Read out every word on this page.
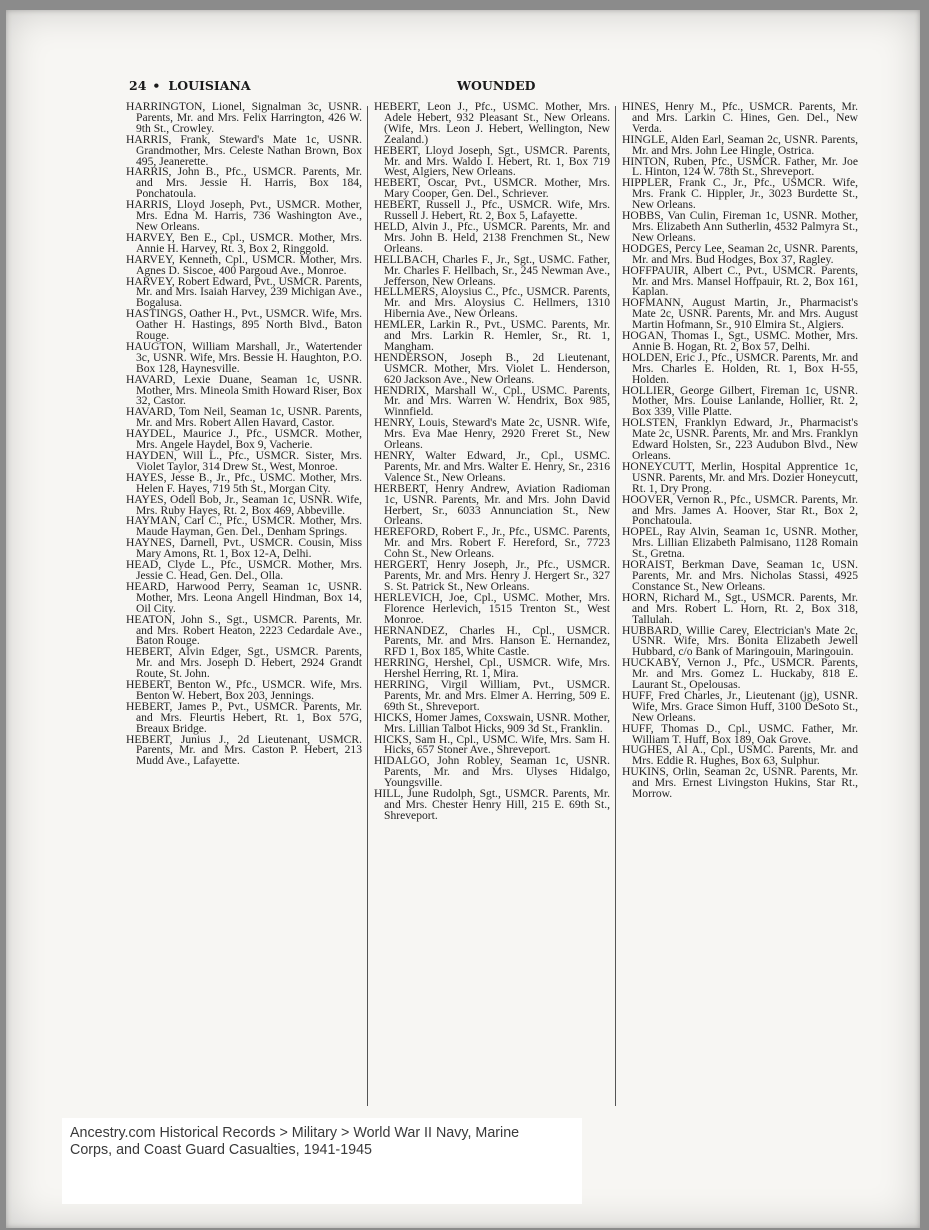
24 • LOUISIANA	WOUNDED

HARRINGTON, Lionel, Signalman 3c, USNR. Parents, Mr. and Mrs. Felix Harrington, 426 W. 9th St., Crowley.

HARRIS, Frank, Steward's Mate 1c, USNR. Grandmother, Mrs. Celeste Nathan Brown, Box 495, Jeanerette.

HARRIS, John B., Pfc., USMCR. Parents, Mr. and Mrs. Jessie H. Harris, Box 184, Ponchatoula.

HARRIS, Lloyd Joseph, Pvt., USMCR. Mother, Mrs. Edna M. Harris, 736 Washington Ave., New Orleans.

HARVEY, Ben E., Cpl., USMCR. Mother, Mrs. Annie H. Harvey, Rt. 3, Box 2, Ringgold.

HARVEY, Kenneth, Cpl., USMCR. Mother, Mrs. Agnes D. Siscoe, 400 Pargoud Ave., Monroe.

HARVEY, Robert Edward, Pvt., USMCR. Parents, Mr. and Mrs. Isaiah Harvey, 239 Michigan Ave., Bogalusa.

HASTINGS, Oather H., Pvt., USMCR. Wife, Mrs. Oather H. Hastings, 895 North Blvd., Baton Rouge.

HAUGTON, William Marshall, Jr., Watertender 3c, USNR. Wife, Mrs. Bessie H. Haughton, P.O. Box 128, Haynesville.

HAVARD, Lexie Duane, Seaman 1c, USNR. Mother, Mrs. Mineola Smith Howard Riser, Box 32, Castor.

HAVARD, Tom Neil, Seaman 1c, USNR. Parents, Mr. and Mrs. Robert Allen Havard, Castor.

HAYDEL, Maurice J., Pfc., USMCR. Mother, Mrs. Angele Haydel, Box 9, Vacherie.

HAYDEN, Will L., Pfc., USMCR. Sister, Mrs. Violet Taylor, 314 Drew St., West, Monroe.

HAYES, Jesse B., Jr., Pfc., USMC. Mother, Mrs. Helen F. Hayes, 719 5th St., Morgan City.

HAYES, Odell Bob, Jr., Seaman 1c, USNR. Wife, Mrs. Ruby Hayes, Rt. 2, Box 469, Abbeville.

HAYMAN, Carl C., Pfc., USMCR. Mother, Mrs. Maude Hayman, Gen. Del., Denham Springs.

HAYNES, Darnell, Pvt., USMCR. Cousin, Miss Mary Amons, Rt. 1, Box 12-A, Delhi.

HEAD, Clyde L., Pfc., USMCR. Mother, Mrs. Jessie C. Head, Gen. Del., Olla.

HEARD, Harwood Perry, Seaman 1c, USNR. Mother, Mrs. Leona Angell Hindman, Box 14, Oil City.

HEATON, John S., Sgt., USMCR. Parents, Mr. and Mrs. Robert Heaton, 2223 Cedardale Ave., Baton Rouge.

HEBERT, Alvin Edger, Sgt., USMCR. Parents, Mr. and Mrs. Joseph D. Hebert, 2924 Grandt Route, St. John.

HEBERT, Benton W., Pfc., USMCR. Wife, Mrs. Benton W. Hebert, Box 203, Jennings.

HEBERT, James P., Pvt., USMCR. Parents, Mr. and Mrs. Fleurtis Hebert, Rt. 1, Box 57G, Breaux Bridge.

HEBERT, Junius J., 2d Lieutenant, USMCR. Parents, Mr. and Mrs. Caston P. Hebert, 213 Mudd Ave., Lafayette.

HEBERT, Leon J., Pfc., USMC. Mother, Mrs. Adele Hebert, 932 Pleasant St., New Orleans. (Wife, Mrs. Leon J. Hebert, Wellington, New Zealand.)

HEBERT, Lloyd Joseph, Sgt., USMCR. Parents, Mr. and Mrs. Waldo I. Hebert, Rt. 1, Box 719 West, Algiers, New Orleans.

HEBERT, Oscar, Pvt., USMCR. Mother, Mrs. Mary Cooper, Gen. Del., Schriever.

HEBERT, Russell J., Pfc., USMCR. Wife, Mrs. Russell J. Hebert, Rt. 2, Box 5, Lafayette.

HELD, Alvin J., Pfc., USMCR. Parents, Mr. and Mrs. John B. Held, 2138 Frenchmen St., New Orleans.

HELLBACH, Charles F., Jr., Sgt., USMC. Father, Mr. Charles F. Hellbach, Sr., 245 Newman Ave., Jefferson, New Orleans.

HELLMERS, Aloysius C., Pfc., USMCR. Parents, Mr. and Mrs. Aloysius C. Hellmers, 1310 Hibernia Ave., New Orleans.

HEMLER, Larkin R., Pvt., USMC. Parents, Mr. and Mrs. Larkin R. Hemler, Sr., Rt. 1, Mangham.

HENDERSON, Joseph B., 2d Lieutenant, USMCR. Mother, Mrs. Violet L. Henderson, 620 Jackson Ave., New Orleans.

HENDRIX, Marshall W., Cpl., USMC. Parents, Mr. and Mrs. Warren W. Hendrix, Box 985, Winnfield.

HENRY, Louis, Steward's Mate 2c, USNR. Wife, Mrs. Eva Mae Henry, 2920 Freret St., New Orleans.

HENRY, Walter Edward, Jr., Cpl., USMC. Parents, Mr. and Mrs. Walter E. Henry, Sr., 2316 Valence St., New Orleans.

HERBERT, Henry Andrew, Aviation Radioman 1c, USNR. Parents, Mr. and Mrs. John David Herbert, Sr., 6033 Annunciation St., New Orleans.

HEREFORD, Robert F., Jr., Pfc., USMC. Parents, Mr. and Mrs. Robert F. Hereford, Sr., 7723 Cohn St., New Orleans.

HERGERT, Henry Joseph, Jr., Pfc., USMCR. Parents, Mr. and Mrs. Henry J. Hergert Sr., 327 S. St. Patrick St., New Orleans.

HERLEVICH, Joe, Cpl., USMC. Mother, Mrs. Florence Herlevich, 1515 Trenton St., West Monroe.

HERNANDEZ, Charles H., Cpl., USMCR. Parents, Mr. and Mrs. Hanson E. Hernandez, RFD 1, Box 185, White Castle.

HERRING, Hershel, Cpl., USMCR. Wife, Mrs. Hershel Herring, Rt. 1, Mira.

HERRING, Virgil William, Pvt., USMCR. Parents, Mr. and Mrs. Elmer A. Herring, 509 E. 69th St., Shreveport.

HICKS, Homer James, Coxswain, USNR. Mother, Mrs. Lillian Talbot Hicks, 909 3d St., Franklin.

HICKS, Sam H., Cpl., USMC. Wife, Mrs. Sam H. Hicks, 657 Stoner Ave., Shreveport.

HIDALGO, John Robley, Seaman 1c, USNR. Parents, Mr. and Mrs. Ulyses Hidalgo, Youngsville.

HILL, June Rudolph, Sgt., USMCR. Parents, Mr. and Mrs. Chester Henry Hill, 215 E. 69th St., Shreveport.

HINES, Henry M., Pfc., USMCR. Parents, Mr. and Mrs. Larkin C. Hines, Gen. Del., New Verda.

HINGLE, Alden Earl, Seaman 2c, USNR. Parents, Mr. and Mrs. John Lee Hingle, Ostrica.

HINTON, Ruben, Pfc., USMCR. Father, Mr. Joe L. Hinton, 124 W. 78th St., Shreveport.

HIPPLER, Frank C., Jr., Pfc., USMCR. Wife, Mrs. Frank C. Hippler, Jr., 3023 Burdette St., New Orleans.

HOBBS, Van Culin, Fireman 1c, USNR. Mother, Mrs. Elizabeth Ann Sutherlin, 4532 Palmyra St., New Orleans.

HODGES, Percy Lee, Seaman 2c, USNR. Parents, Mr. and Mrs. Bud Hodges, Box 37, Ragley.

HOFFPAUIR, Albert C., Pvt., USMCR. Parents, Mr. and Mrs. Mansel Hoffpauir, Rt. 2, Box 161, Kaplan.

HOFMANN, August Martin, Jr., Pharmacist's Mate 2c, USNR. Parents, Mr. and Mrs. August Martin Hofmann, Sr., 910 Elmira St., Algiers.

HOGAN, Thomas I., Sgt., USMC. Mother, Mrs. Annie B. Hogan, Rt. 2, Box 57, Delhi.

HOLDEN, Eric J., Pfc., USMCR. Parents, Mr. and Mrs. Charles E. Holden, Rt. 1, Box H-55, Holden.

HOLLIER, George Gilbert, Fireman 1c, USNR. Mother, Mrs. Louise Lanlande, Hollier, Rt. 2, Box 339, Ville Platte.

HOLSTEN, Franklyn Edward, Jr., Pharmacist's Mate 2c, USNR. Parents, Mr. and Mrs. Franklyn Edward Holsten, Sr., 223 Audubon Blvd., New Orleans.

HONEYCUTT, Merlin, Hospital Apprentice 1c, USNR. Parents, Mr. and Mrs. Dozier Honeycutt, Rt. 1, Dry Prong.

HOOVER, Vernon R., Pfc., USMCR. Parents, Mr. and Mrs. James A. Hoover, Star Rt., Box 2, Ponchatoula.

HOPEL, Ray Alvin, Seaman 1c, USNR. Mother, Mrs. Lillian Elizabeth Palmisano, 1128 Romain St., Gretna.

HORAIST, Berkman Dave, Seaman 1c, USN. Parents, Mr. and Mrs. Nicholas Stassi, 4925 Constance St., New Orleans.

HORN, Richard M., Sgt., USMCR. Parents, Mr. and Mrs. Robert L. Horn, Rt. 2, Box 318, Tallulah.

HUBBARD, Willie Carey, Electrician's Mate 2c, USNR. Wife, Mrs. Bonita Elizabeth Jewell Hubbard, c/o Bank of Maringouin, Maringouin.

HUCKABY, Vernon J., Pfc., USMCR. Parents, Mr. and Mrs. Gomez L. Huckaby, 818 E. Laurant St., Opelousas.

HUFF, Fred Charles, Jr., Lieutenant (jg), USNR. Wife, Mrs. Grace Simon Huff, 3100 DeSoto St., New Orleans.

HUFF, Thomas D., Cpl., USMC. Father, Mr. William T. Huff, Box 189, Oak Grove.

HUGHES, Al A., Cpl., USMC. Parents, Mr. and Mrs. Eddie R. Hughes, Box 63, Sulphur.

HUKINS, Orlin, Seaman 2c, USNR. Parents, Mr. and Mrs. Ernest Livingston Hukins, Star Rt., Morrow.

Ancestry.com Historical Records > Military > World War II Navy, Marine
Corps, and Coast Guard Casualties, 1941-1945
